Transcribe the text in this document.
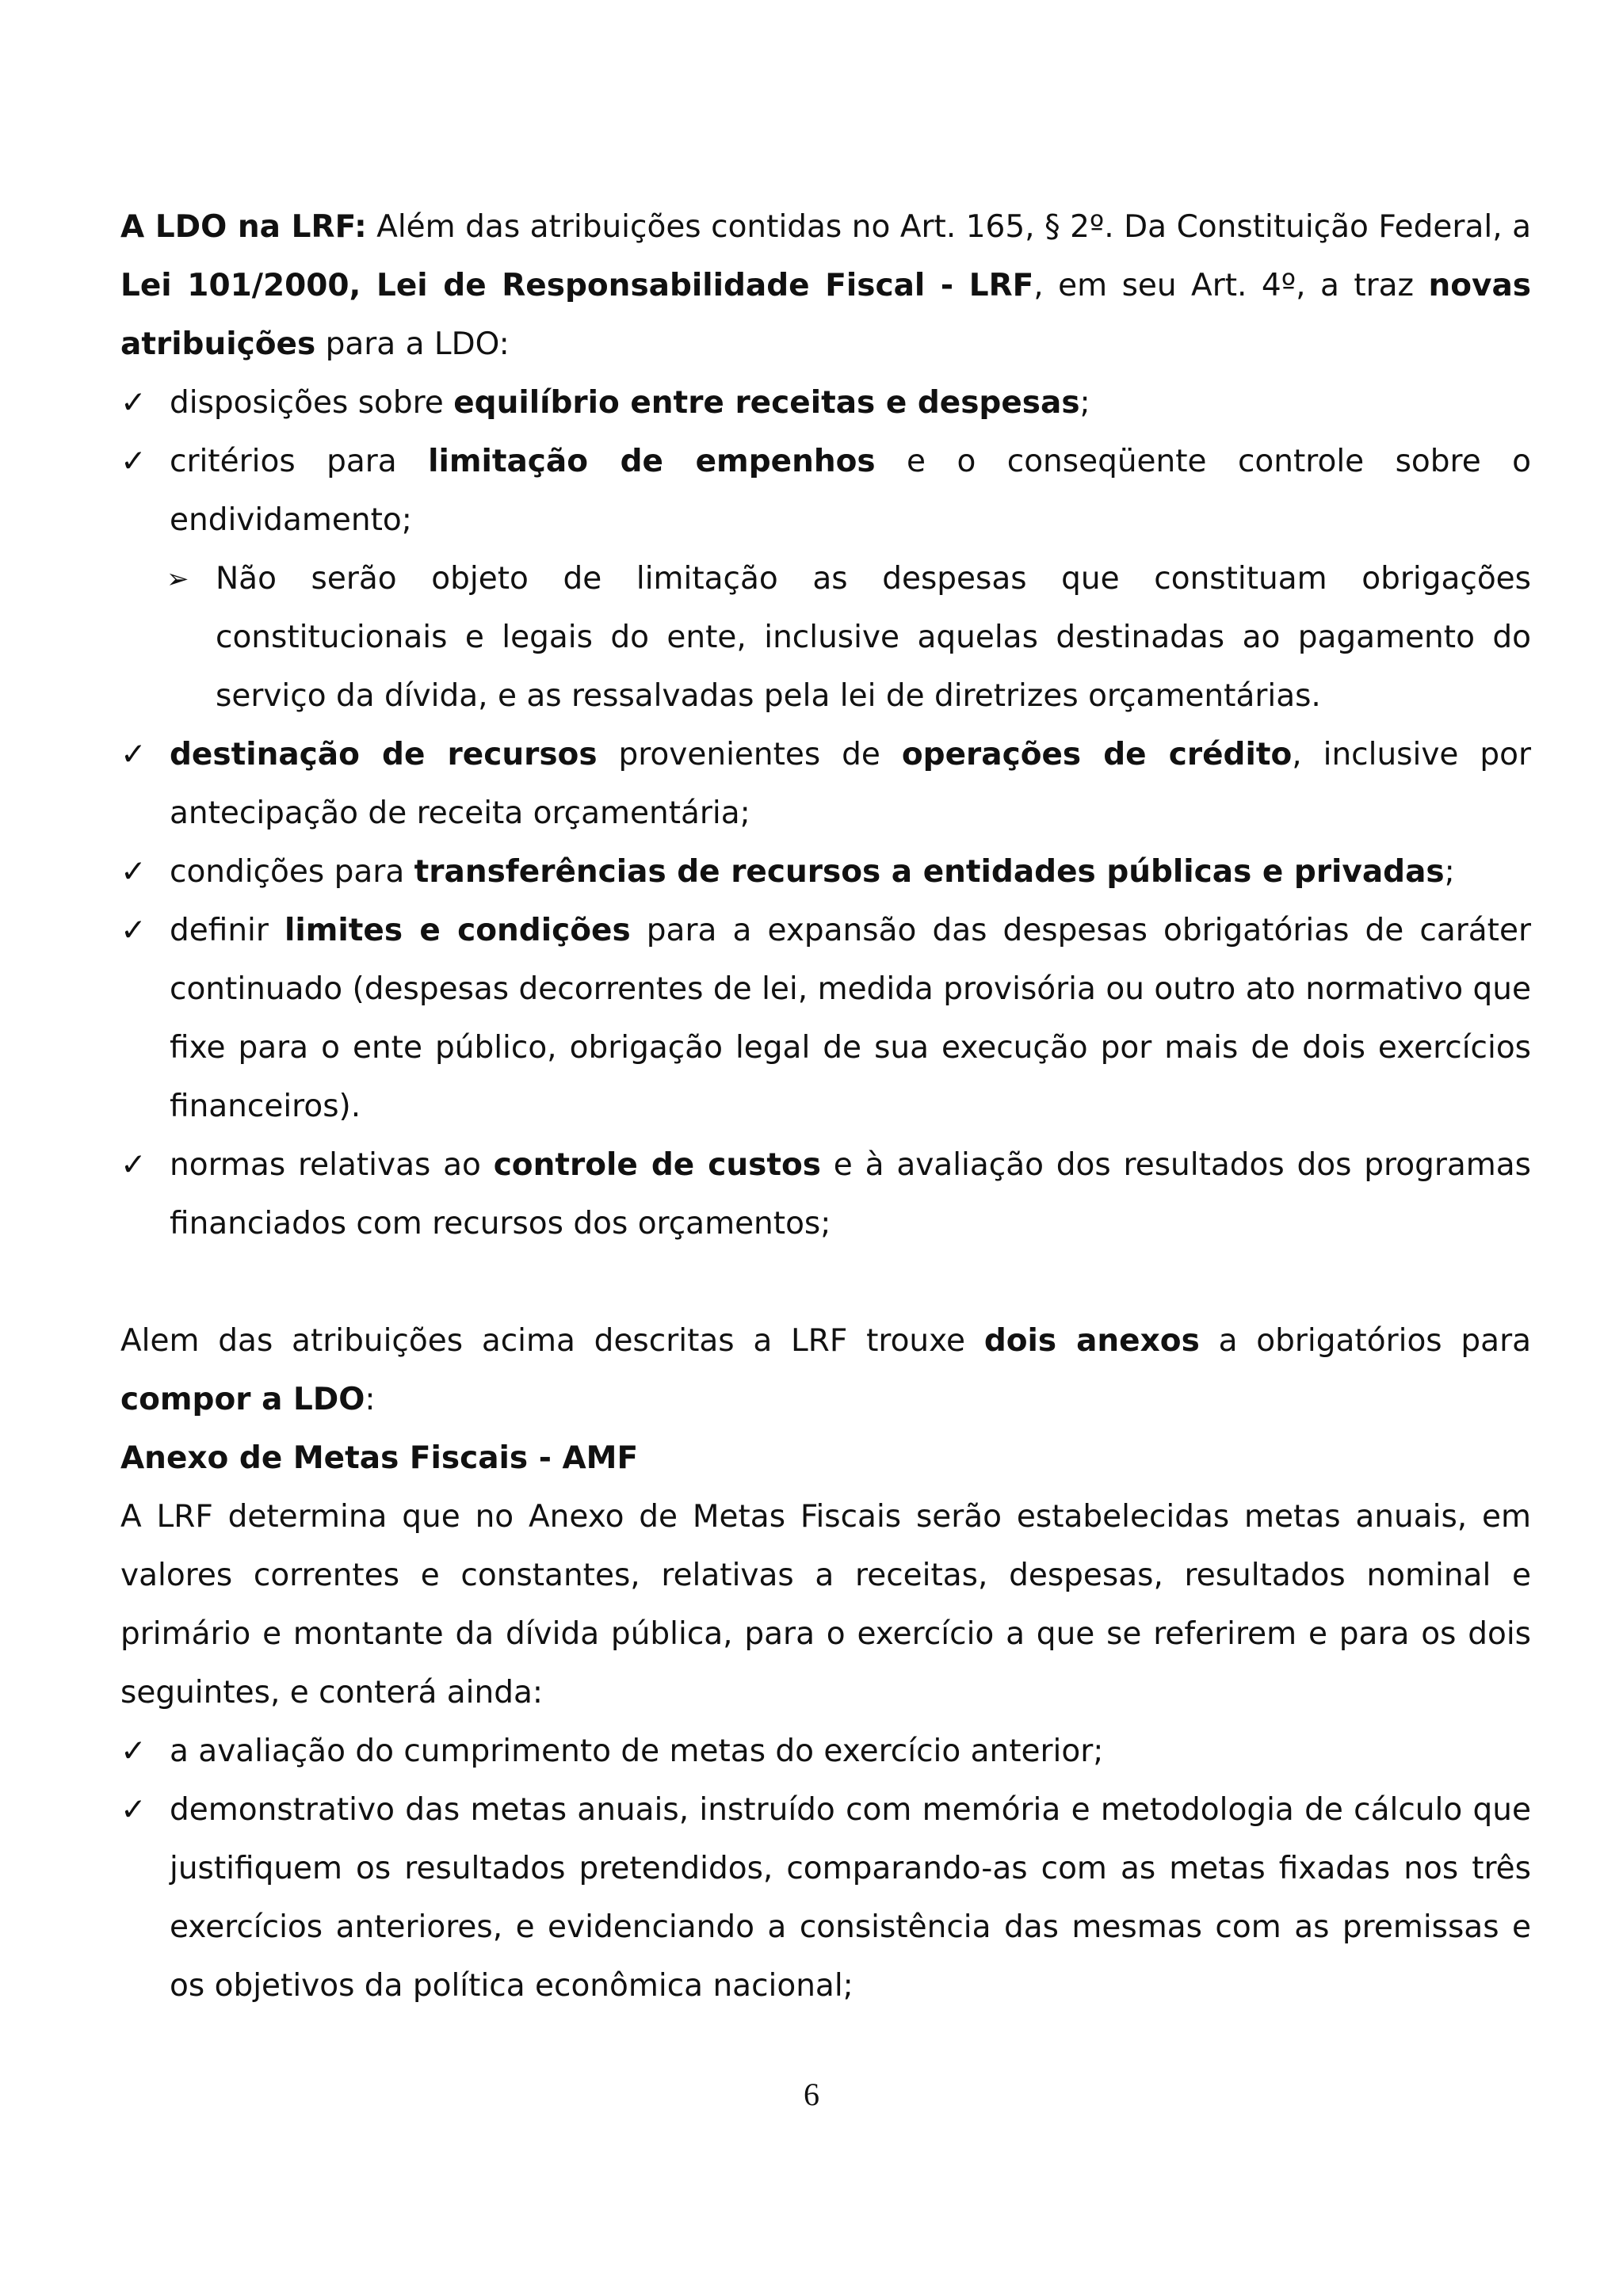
A LDO na LRF: Além das atribuições contidas no Art. 165, § 2º. Da Constituição Federal, a Lei 101/2000, Lei de Responsabilidade Fiscal - LRF, em seu Art. 4º, a traz novas atribuições para a LDO:

✓ disposições sobre equilíbrio entre receitas e despesas;
✓ critérios para limitação de empenhos e o conseqüente controle sobre o endividamento;
➢ Não serão objeto de limitação as despesas que constituam obrigações constitucionais e legais do ente, inclusive aquelas destinadas ao pagamento do serviço da dívida, e as ressalvadas pela lei de diretrizes orçamentárias.
✓ destinação de recursos provenientes de operações de crédito, inclusive por antecipação de receita orçamentária;
✓ condições para transferências de recursos a entidades públicas e privadas;
✓ definir limites e condições para a expansão das despesas obrigatórias de caráter continuado (despesas decorrentes de lei, medida provisória ou outro ato normativo que fixe para o ente público, obrigação legal de sua execução por mais de dois exercícios financeiros).
✓ normas relativas ao controle de custos e à avaliação dos resultados dos programas financiados com recursos dos orçamentos;

Alem das atribuições acima descritas a LRF trouxe dois anexos a obrigatórios para compor a LDO:

Anexo de Metas Fiscais - AMF

A LRF determina que no Anexo de Metas Fiscais serão estabelecidas metas anuais, em valores correntes e constantes, relativas a receitas, despesas, resultados nominal e primário e montante da dívida pública, para o exercício a que se referirem e para os dois seguintes, e conterá ainda:

✓ a avaliação do cumprimento de metas do exercício anterior;
✓ demonstrativo das metas anuais, instruído com memória e metodologia de cálculo que justifiquem os resultados pretendidos, comparando-as com as metas fixadas nos três exercícios anteriores, e evidenciando a consistência das mesmas com as premissas e os objetivos da política econômica nacional;
6
